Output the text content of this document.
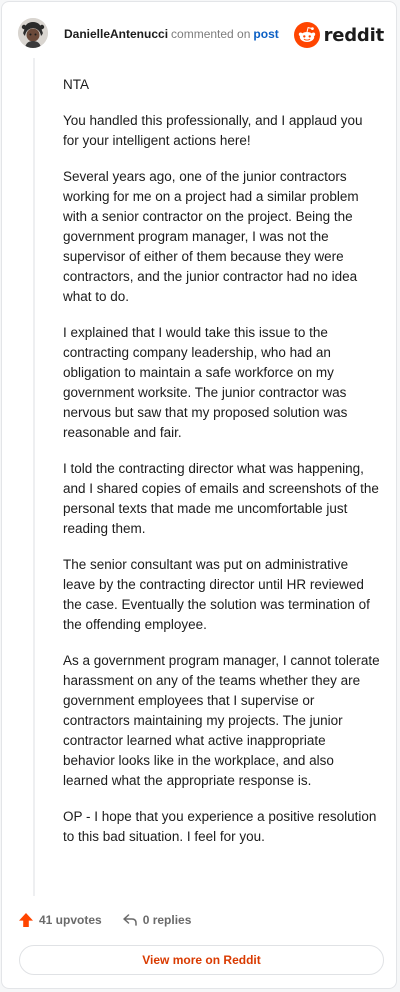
DanielleAntenucci commented on post reddit

NTA

You handled this professionally, and I applaud you for your intelligent actions here!

Several years ago, one of the junior contractors working for me on a project had a similar problem with a senior contractor on the project. Being the government program manager, I was not the supervisor of either of them because they were contractors, and the junior contractor had no idea what to do.

I explained that I would take this issue to the contracting company leadership, who had an obligation to maintain a safe workforce on my government worksite. The junior contractor was nervous but saw that my proposed solution was reasonable and fair.

I told the contracting director what was happening, and I shared copies of emails and screenshots of the personal texts that made me uncomfortable just reading them.

The senior consultant was put on administrative leave by the contracting director until HR reviewed the case. Eventually the solution was termination of the offending employee.

As a government program manager, I cannot tolerate harassment on any of the teams whether they are government employees that I supervise or contractors maintaining my projects. The junior contractor learned what active inappropriate behavior looks like in the workplace, and also learned what the appropriate response is.

OP - I hope that you experience a positive resolution to this bad situation. I feel for you.

41 upvotes	0 replies
View more on Reddit
